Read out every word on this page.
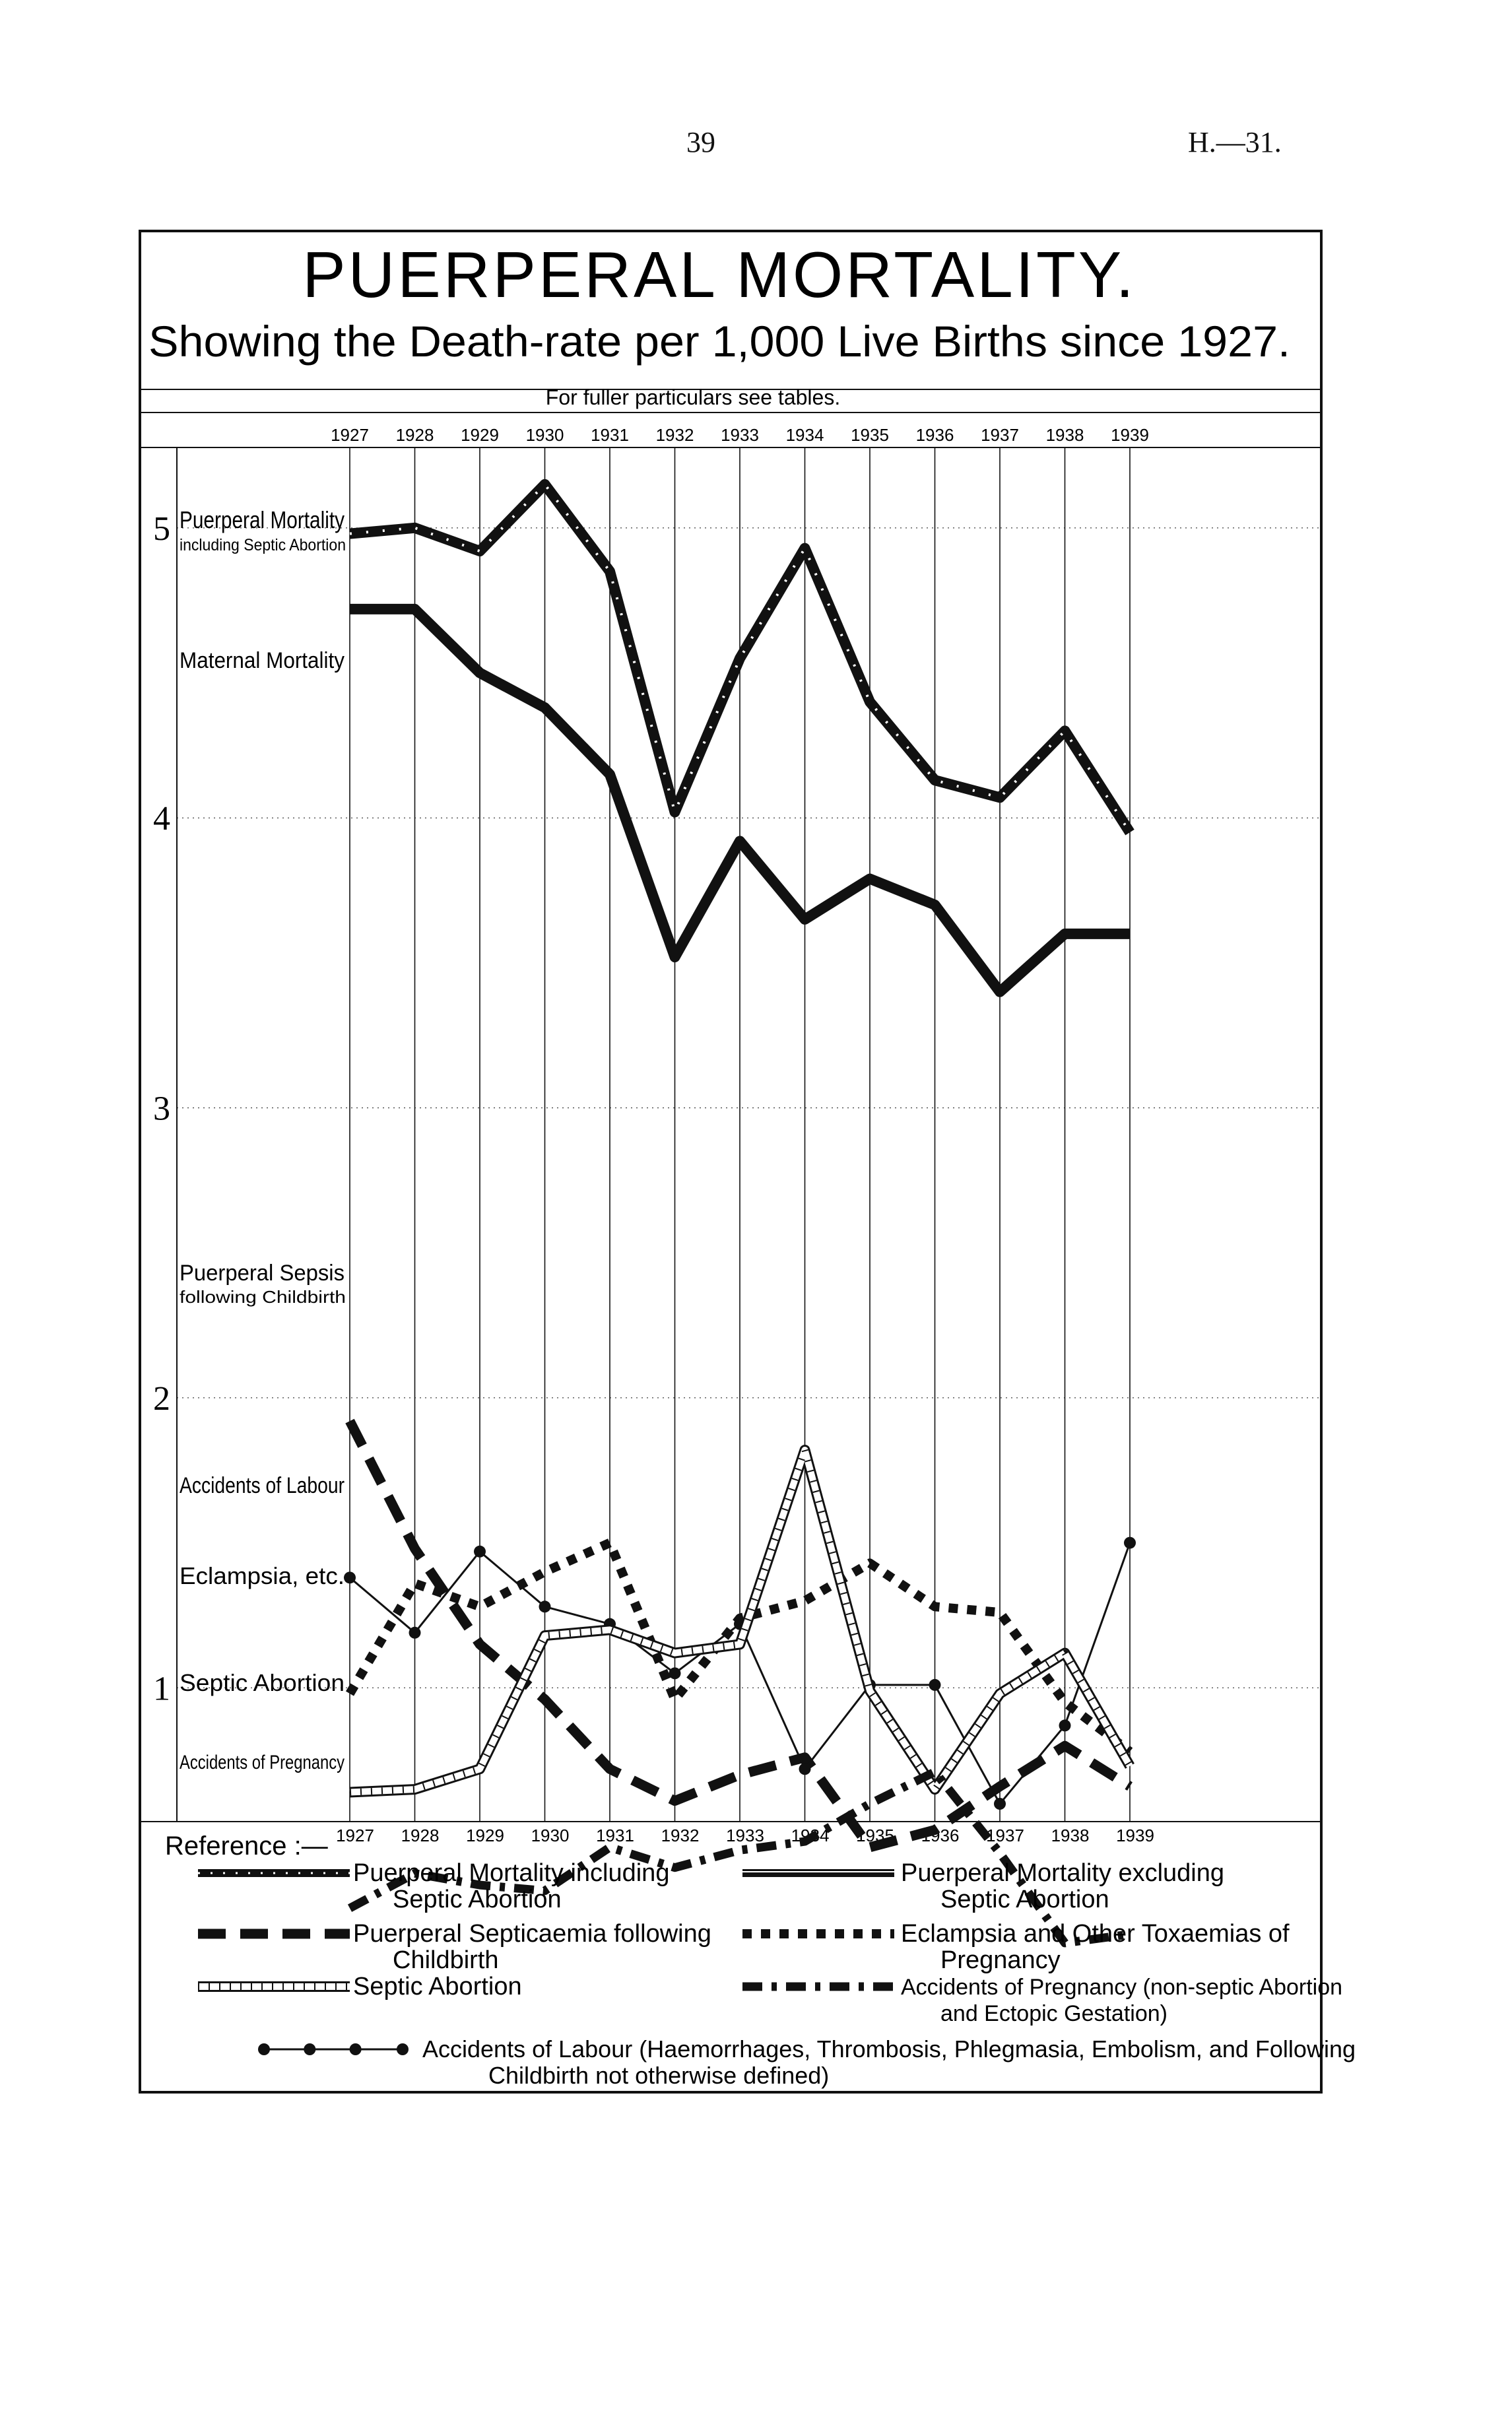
39	H.—31.
PUERPERAL MORTALITY.
Showing the Death-rate per 1,000 Live Births since 1927.
For fuller particulars see tables.
1927 1928 1929 1930 1931 1932 1933 1934 1935 1936 1937 1938 1939
1927 1928 1929 1930 1931 1932 1933 1934 1935 1936 1937 1938 1939
1
2
3
4
5 Puerperal Mortality
including Septic Abortion
Maternal Mortality
Puerperal Sepsis
following Childbirth
Accidents of Labour
Eclampsia, etc.
Septic Abortion
Accidents of Pregnancy
Reference :—
Puerperal Mortality including
Septic Abortion
Puerperal Mortality excluding
Septic Abortion
Puerperal Septicaemia following
Childbirth
Eclampsia and Other Toxaemias of
Pregnancy
Septic Abortion	Accidents of Pregnancy (non-septic Abortion
and Ectopic Gestation)
Accidents of Labour (Haemorrhages, Thrombosis, Phlegmasia, Embolism, and Following
Childbirth not otherwise defined)
